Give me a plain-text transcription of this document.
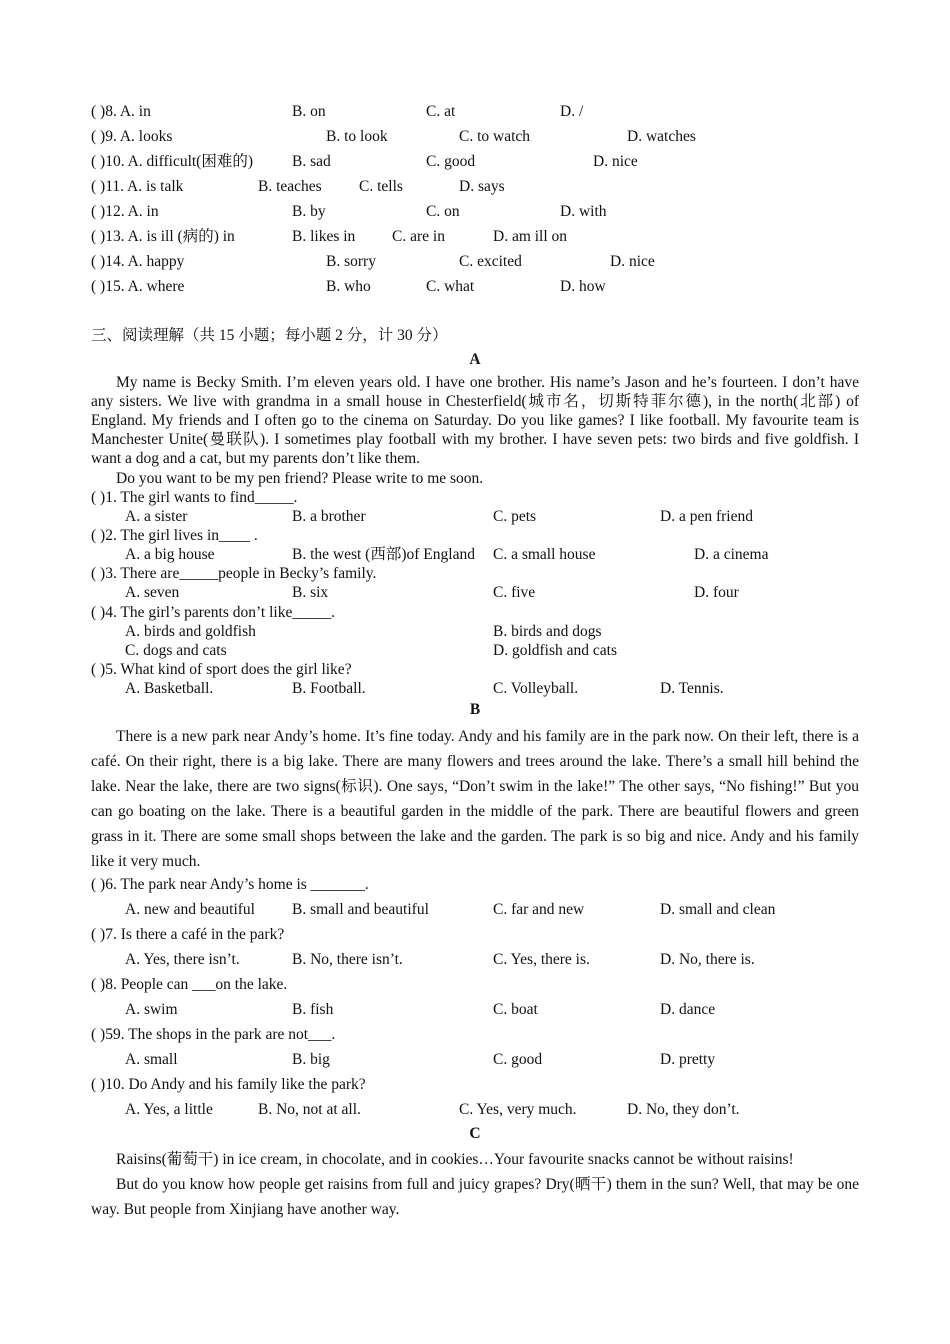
( )8. A. in	B. on	C. at	D. /
( )9. A. looks	B. to look	C. to watch	D. watches
( )10. A. difficult(困难的)	B. sad	C. good	D. nice
( )11. A. is talk	B. teaches C. tells	D. says
( )12. A. in	B. by	C. on	D. with
( )13. A. is ill (病的) in	B. likes in C. are in	D. am ill on
( )14. A. happy	B. sorry	C. excited	D. nice
( )15. A. where	B. who	C. what	D. how
三、阅读理解（共 15 小题；每小题 2 分，计 30 分）
A
My name is Becky Smith. I’m eleven years old. I have one brother. His name’s Jason and he’s fourteen. I don’t have any sisters. We live with grandma in a small house in Chesterfield(城市名，切斯特菲尔德), in the north(北部) of England. My friends and I often go to the cinema on Saturday. Do you like games? I like football. My favourite team is Manchester Unite(曼联队). I sometimes play football with my brother. I have seven pets: two birds and five goldfish. I want a dog and a cat, but my parents don’t like them.
Do you want to be my pen friend? Please write to me soon.
( )1. The girl wants to find_____.
A. a sister	B. a brother	C. pets	D. a pen friend
( )2. The girl lives in____ .
A. a big house	B. the west (西部)of England C. a small house	D. a cinema
( )3. There are_____people in Becky’s family.
A. seven	B. six	C. five	D. four
( )4. The girl’s parents don’t like_____.
A. birds and goldfish	B. birds and dogs
C. dogs and cats	D. goldfish and cats
( )5. What kind of sport does the girl like?
A. Basketball.	B. Football.	C. Volleyball.	D. Tennis.
B
There is a new park near Andy’s home. It’s fine today. Andy and his family are in the park now. On their left, there is a café. On their right, there is a big lake. There are many flowers and trees around the lake. There’s a small hill behind the lake. Near the lake, there are two signs(标识). One says, “Don’t swim in the lake!” The other says, “No fishing!” But you can go boating on the lake. There is a beautiful garden in the middle of the park. There are beautiful flowers and green grass in it. There are some small shops between the lake and the garden. The park is so big and nice. Andy and his family like it very much.
( )6. The park near Andy’s home is _______.
A. new and beautiful B. small and beautiful	C. far and new	D. small and clean
( )7. Is there a café in the park?
A. Yes, there isn’t.	B. No, there isn’t.	C. Yes, there is.	D. No, there is.
( )8. People can ___on the lake.
A. swim	B. fish	C. boat	D. dance
( )59. The shops in the park are not___.
A. small	B. big	C. good	D. pretty
( )10. Do Andy and his family like the park?
A. Yes, a little	B. No, not at all.	C. Yes, very much.	D. No, they don’t.
C
Raisins(葡萄干) in ice cream, in chocolate, and in cookies…Your favourite snacks cannot be without raisins!
But do you know how people get raisins from full and juicy grapes? Dry(晒干) them in the sun? Well, that may be one way. But people from Xinjiang have another way.
